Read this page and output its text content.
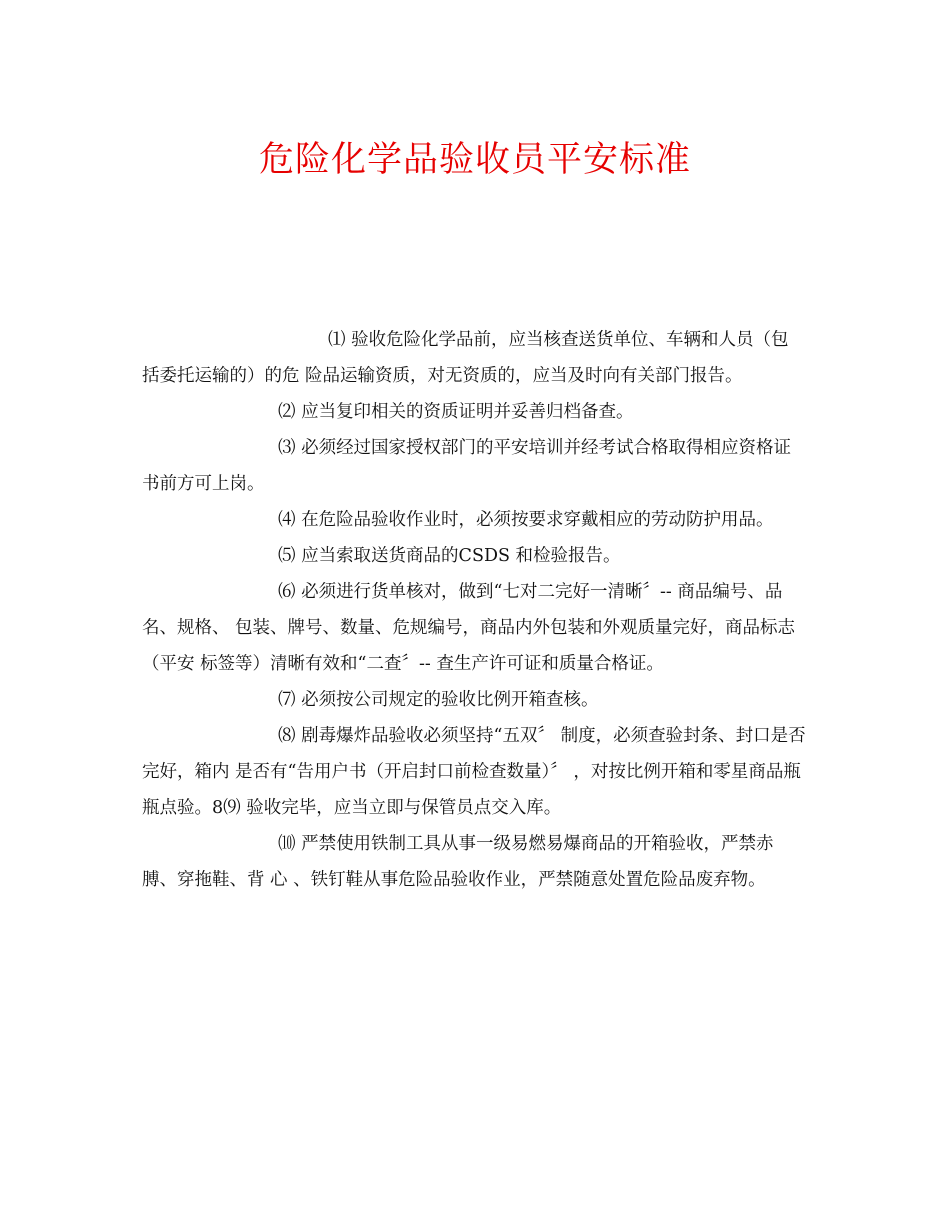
危险化学品验收员平安标准

⑴ 验收危险化学品前，应当核查送货单位、车辆和人员（包括委托运输的）的危 险品运输资质，对无资质的，应当及时向有关部门报告。

⑵ 应当复印相关的资质证明并妥善归档备查。

⑶ 必须经过国家授权部门的平安培训并经考试合格取得相应资格证书前方可上岗。

⑷ 在危险品验收作业时，必须按要求穿戴相应的劳动防护用品。

⑸ 应当索取送货商品的CSDS 和检验报告。

⑹ 必须进行货单核对，做到“七对二完好一清晰〞-- 商品编号、品名、规格、 包装、牌号、数量、危规编号，商品内外包装和外观质量完好，商品标志（平安 标签等）清晰有效和“二查〞-- 查生产许可证和质量合格证。

⑺ 必须按公司规定的验收比例开箱查核。

⑻ 剧毒爆炸品验收必须坚持“五双〞 制度，必须查验封条、封口是否完好，箱内 是否有“告用户书（开启封口前检查数量）〞 ，对按比例开箱和零星商品瓶瓶点验。8⑼ 验收完毕，应当立即与保管员点交入库。

⑽ 严禁使用铁制工具从事一级易燃易爆商品的开箱验收，严禁赤膊、穿拖鞋、背 心 、铁钉鞋从事危险品验收作业，严禁随意处置危险品废弃物。
